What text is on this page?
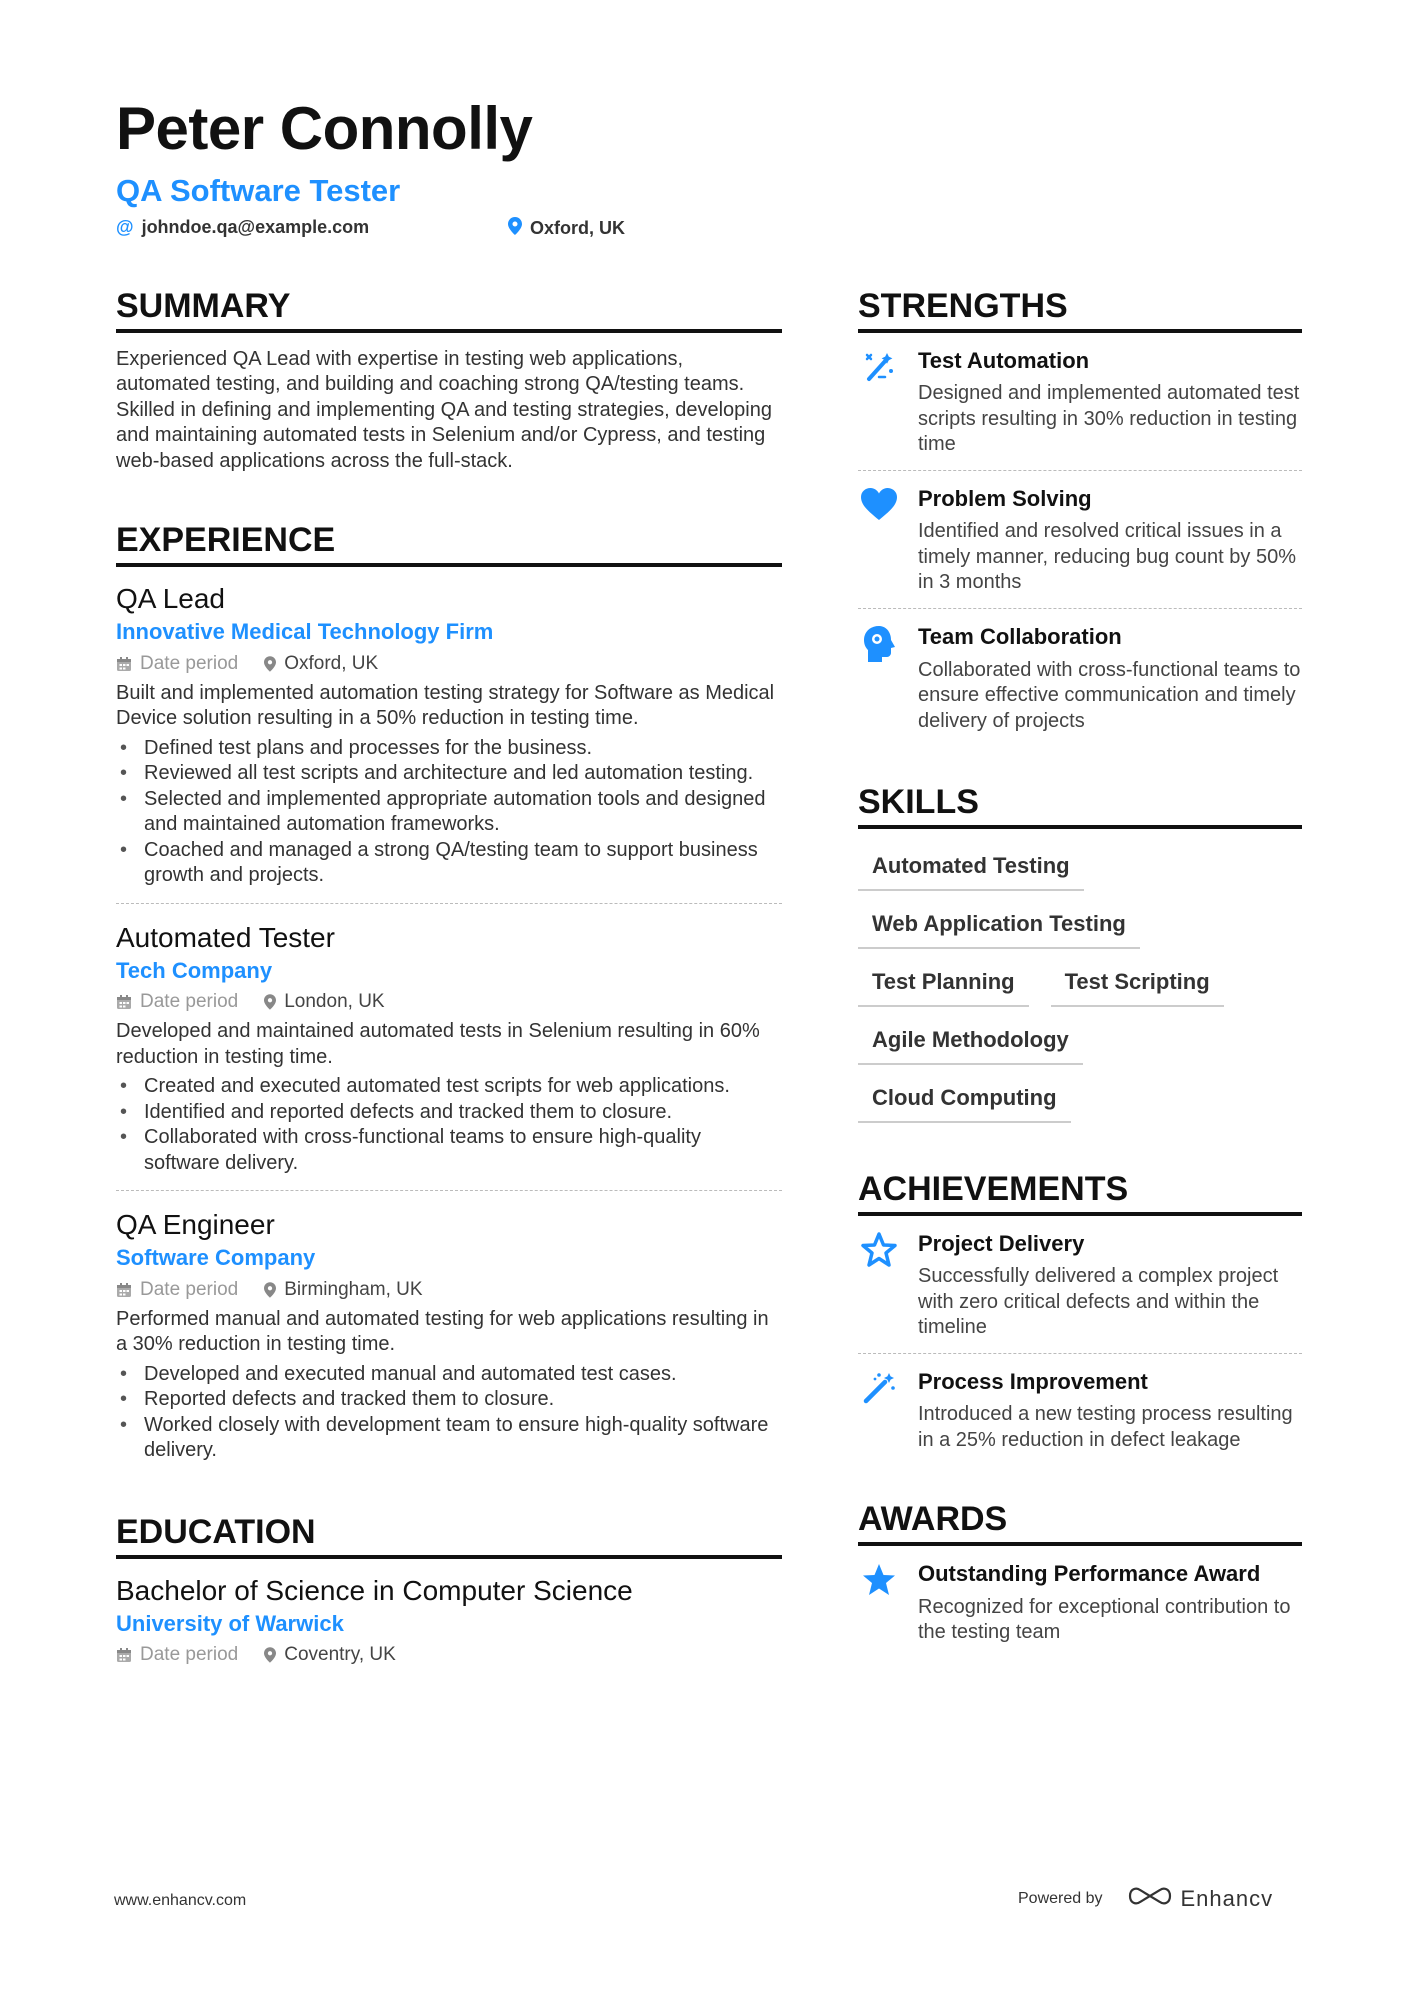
Peter Connolly
QA Software Tester
@ johndoe.qa@example.com	Oxford, UK
SUMMARY

Experienced QA Lead with expertise in testing web applications, automated testing, and building and coaching strong QA/testing teams. Skilled in defining and implementing QA and testing strategies, developing and maintaining automated tests in Selenium and/or Cypress, and testing web-based applications across the full-stack.

EXPERIENCE
QA Lead
Innovative Medical Technology Firm
Date period Oxford, UK

Built and implemented automation testing strategy for Software as Medical Device solution resulting in a 50% reduction in testing time.

• Defined test plans and processes for the business.
• Reviewed all test scripts and architecture and led automation testing.
• Selected and implemented appropriate automation tools and designed and maintained automation frameworks.
• Coached and managed a strong QA/testing team to support business growth and projects.
Automated Tester
Tech Company
Date period London, UK

Developed and maintained automated tests in Selenium resulting in 60% reduction in testing time.

• Created and executed automated test scripts for web applications.
• Identified and reported defects and tracked them to closure.
• Collaborated with cross-functional teams to ensure high-quality software delivery.
QA Engineer
Software Company
Date period Birmingham, UK

Performed manual and automated testing for web applications resulting in a 30% reduction in testing time.

• Developed and executed manual and automated test cases.
• Reported defects and tracked them to closure.
• Worked closely with development team to ensure high-quality software delivery.
EDUCATION
Bachelor of Science in Computer Science
University of Warwick
Date period Coventry, UK
STRENGTHS
Test Automation

Designed and implemented automated test scripts resulting in 30% reduction in testing time

Problem Solving

Identified and resolved critical issues in a timely manner, reducing bug count by 50% in 3 months

Team Collaboration

Collaborated with cross-functional teams to ensure effective communication and timely delivery of projects

SKILLS
Automated Testing
Web Application Testing
Test Planning	Test Scripting
Agile Methodology
Cloud Computing
ACHIEVEMENTS
Project Delivery

Successfully delivered a complex project with zero critical defects and within the timeline

Process Improvement

Introduced a new testing process resulting in a 25% reduction in defect leakage

AWARDS
Outstanding Performance Award

Recognized for exceptional contribution to the testing team

www.enhancv.com	Powered by	Enhancv
